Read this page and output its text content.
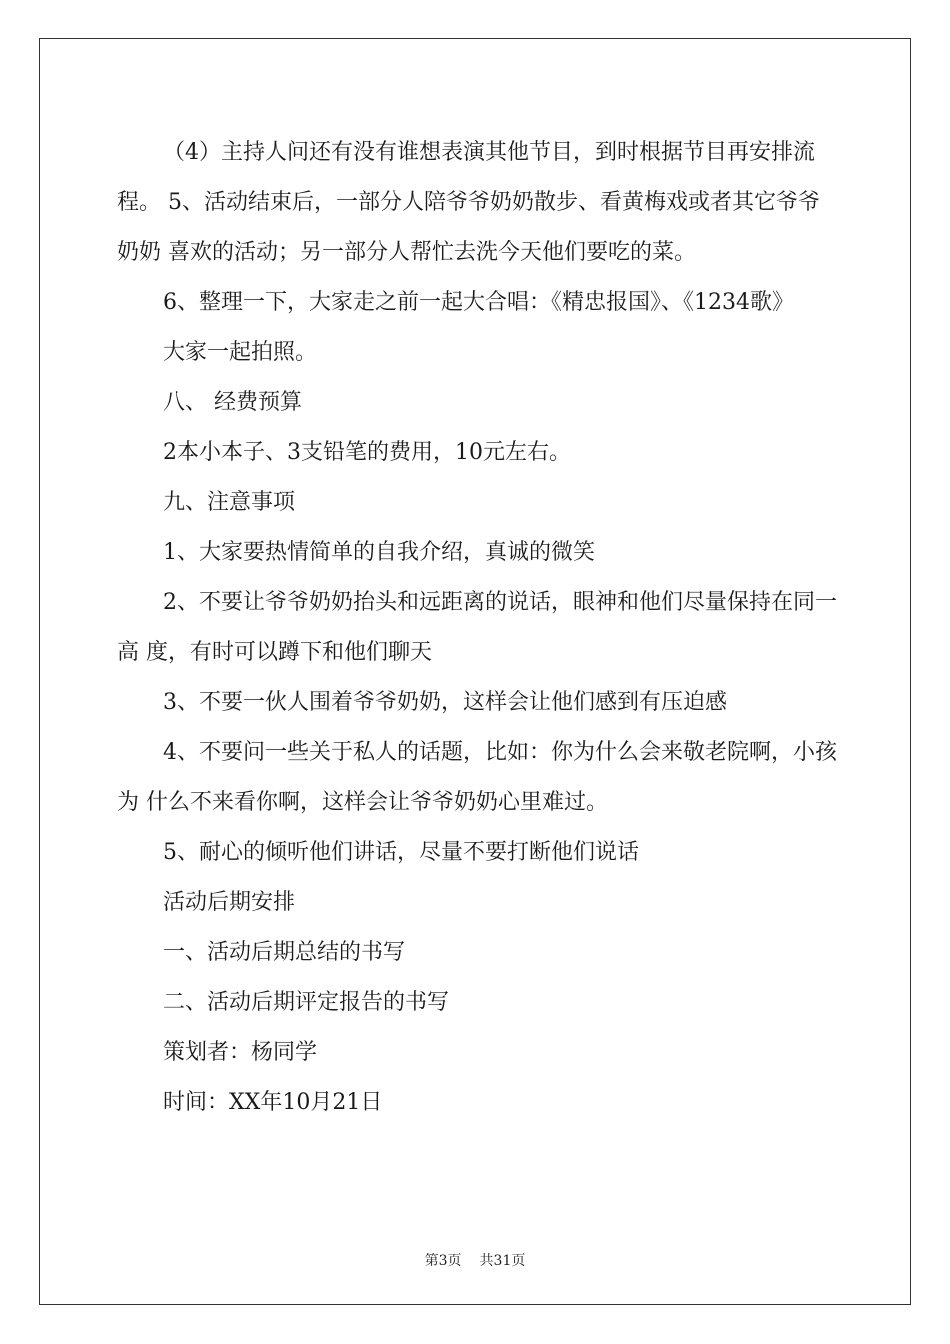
（4）主持人问还有没有谁想表演其他节目，到时根据节目再安排流程。 5、活动结束后，一部分人陪爷爷奶奶散步、看黄梅戏或者其它爷爷奶奶 喜欢的活动；另一部分人帮忙去洗今天他们要吃的菜。

6、整理一下，大家走之前一起大合唱：《精忠报国》、《1234歌》

大家一起拍照。

八、 经费预算

2本小本子、3支铅笔的费用，10元左右。

九、注意事项

1、大家要热情简单的自我介绍，真诚的微笑

2、不要让爷爷奶奶抬头和远距离的说话，眼神和他们尽量保持在同一高 度，有时可以蹲下和他们聊天

3、不要一伙人围着爷爷奶奶，这样会让他们感到有压迫感

4、不要问一些关于私人的话题，比如：你为什么会来敬老院啊，小孩为 什么不来看你啊，这样会让爷爷奶奶心里难过。

5、耐心的倾听他们讲话，尽量不要打断他们说话

活动后期安排

一、活动后期总结的书写

二、活动后期评定报告的书写

策划者：杨同学

时间：XX年10月21日

第3页 共31页
